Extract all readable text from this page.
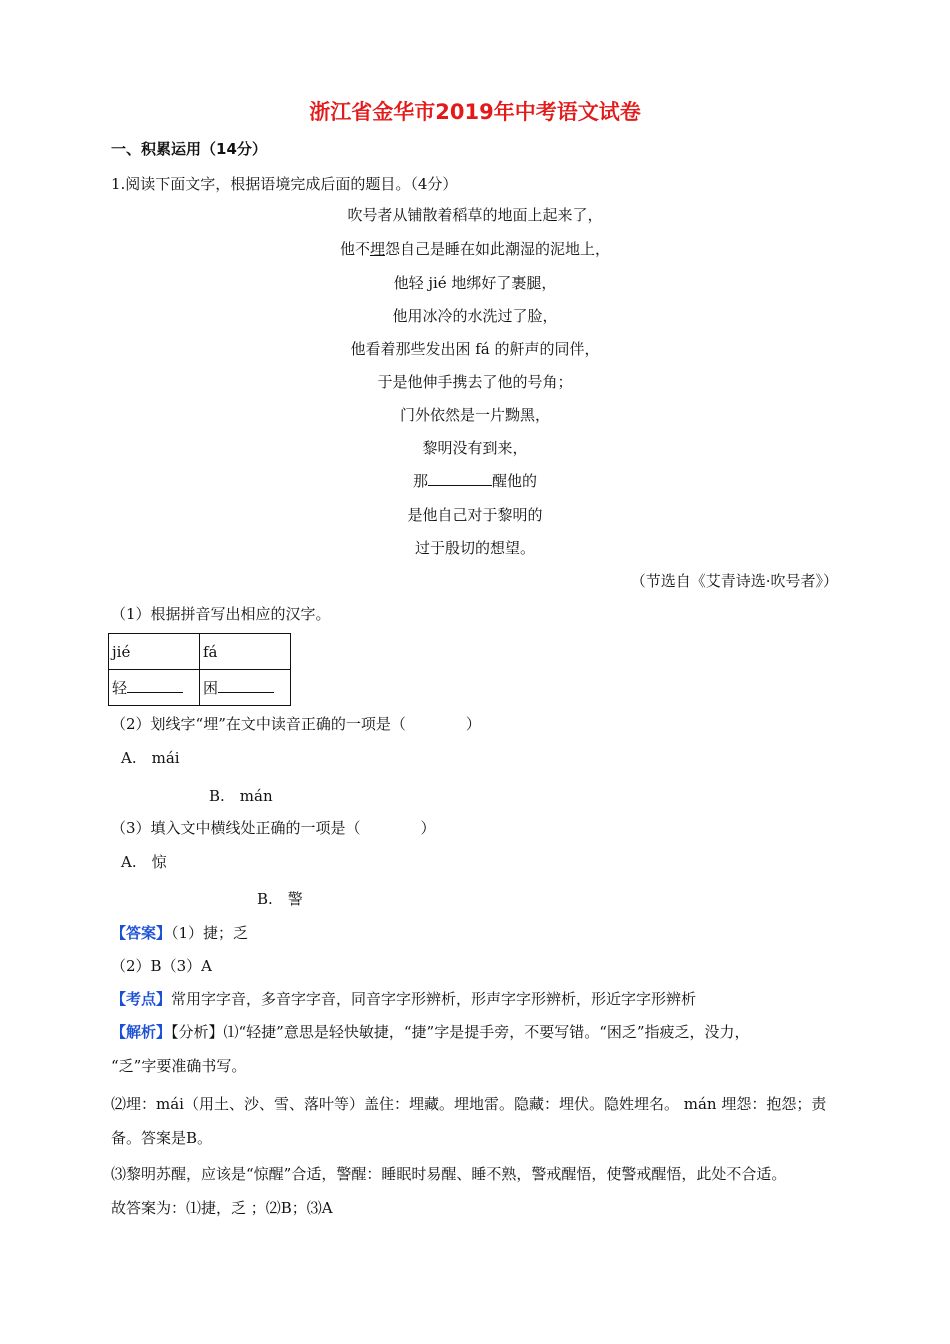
浙江省金华市2019年中考语文试卷
一、积累运用（14分）
1.阅读下面文字，根据语境完成后面的题目。（4分）
吹号者从铺散着稻草的地面上起来了，
他不埋怨自己是睡在如此潮湿的泥地上，
他轻 jié 地绑好了裹腿，
他用冰冷的水洗过了脸，
他看着那些发出困 fá 的鼾声的同伴，
于是他伸手携去了他的号角；
门外依然是一片黝黑，
黎明没有到来，
那	醒他的
是他自己对于黎明的
过于殷切的想望。
（节选自《艾青诗选·吹号者》）
（1）根据拼音写出相应的汉字。
jié	fá
轻	困
（2）划线字“埋”在文中读音正确的一项是（　　　　）
A.　mái
B.　mán
（3）填入文中横线处正确的一项是（　　　　）
A.　惊
B.　警
【答案】（1）捷；乏
（2）B（3）A
【考点】常用字字音，多音字字音，同音字字形辨析，形声字字形辨析，形近字字形辨析
【解析】【分析】⑴“轻捷”意思是轻快敏捷，“捷”字是提手旁，不要写错。“困乏”指疲乏，没力，
“乏”字要准确书写。
⑵埋：mái（用土、沙、雪、落叶等）盖住：埋藏。埋地雷。隐藏：埋伏。隐姓埋名。 mán 埋怨：抱怨；责
备。答案是B。
⑶黎明苏醒，应该是“惊醒”合适，警醒：睡眠时易醒、睡不熟，警戒醒悟，使警戒醒悟，此处不合适。
故答案为：⑴捷，乏 ；⑵B；⑶A
